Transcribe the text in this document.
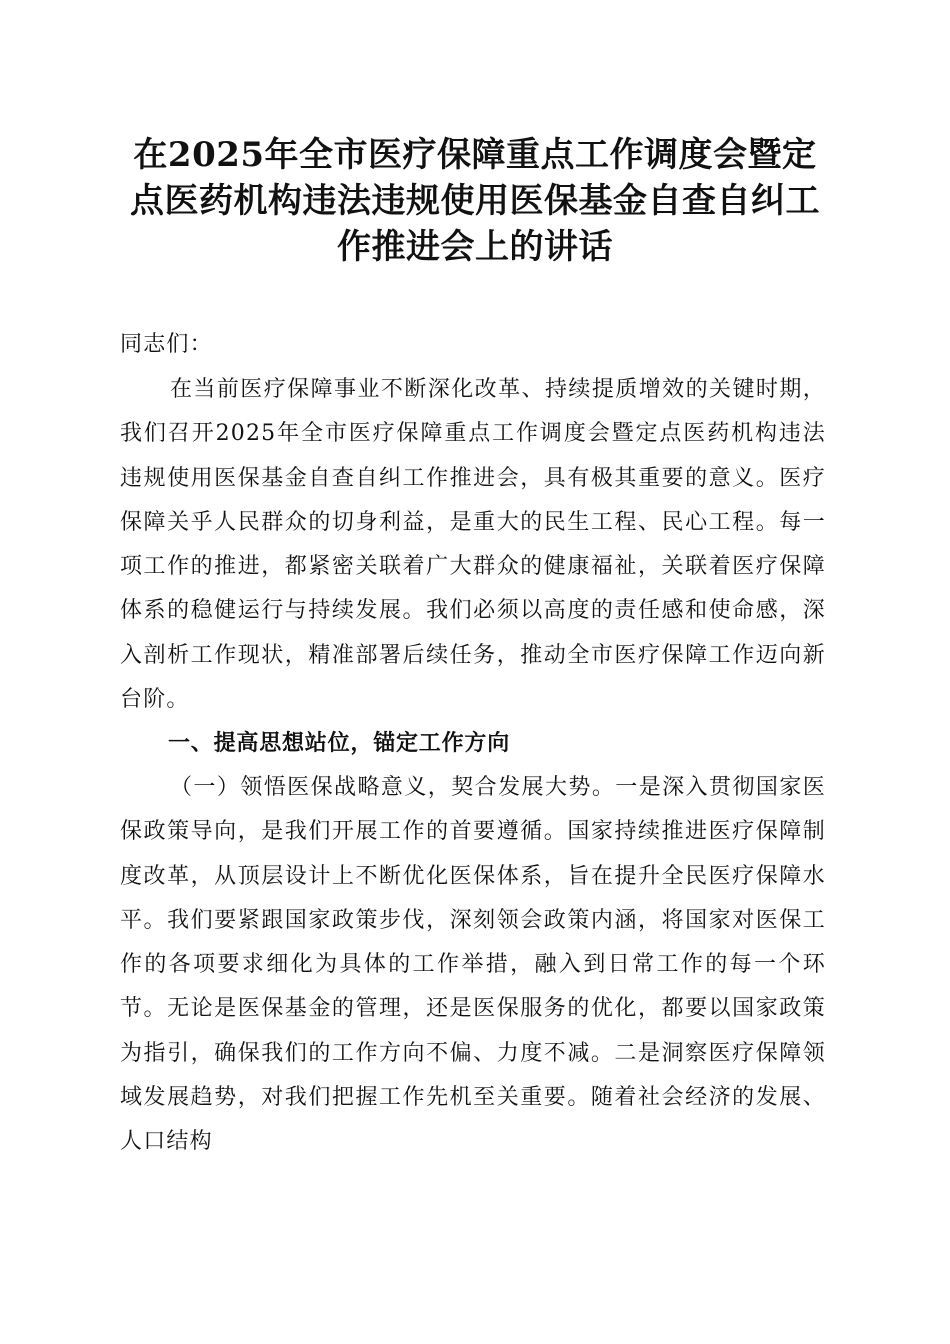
在2025年全市医疗保障重点工作调度会暨定点医药机构违法违规使用医保基金自查自纠工作推进会上的讲话

同志们：

在当前医疗保障事业不断深化改革、持续提质增效的关键时期，我们召开2025年全市医疗保障重点工作调度会暨定点医药机构违法违规使用医保基金自查自纠工作推进会，具有极其重要的意义。医疗保障关乎人民群众的切身利益，是重大的民生工程、民心工程。每一项工作的推进，都紧密关联着广大群众的健康福祉，关联着医疗保障体系的稳健运行与持续发展。我们必须以高度的责任感和使命感，深入剖析工作现状，精准部署后续任务，推动全市医疗保障工作迈向新台阶。

一、提高思想站位，锚定工作方向

（一）领悟医保战略意义，契合发展大势。一是深入贯彻国家医保政策导向，是我们开展工作的首要遵循。国家持续推进医疗保障制度改革，从顶层设计上不断优化医保体系，旨在提升全民医疗保障水平。我们要紧跟国家政策步伐，深刻领会政策内涵，将国家对医保工作的各项要求细化为具体的工作举措，融入到日常工作的每一个环节。无论是医保基金的管理，还是医保服务的优化，都要以国家政策为指引，确保我们的工作方向不偏、力度不减。二是洞察医疗保障领域发展趋势，对我们把握工作先机至关重要。随着社会经济的发展、人口结构
